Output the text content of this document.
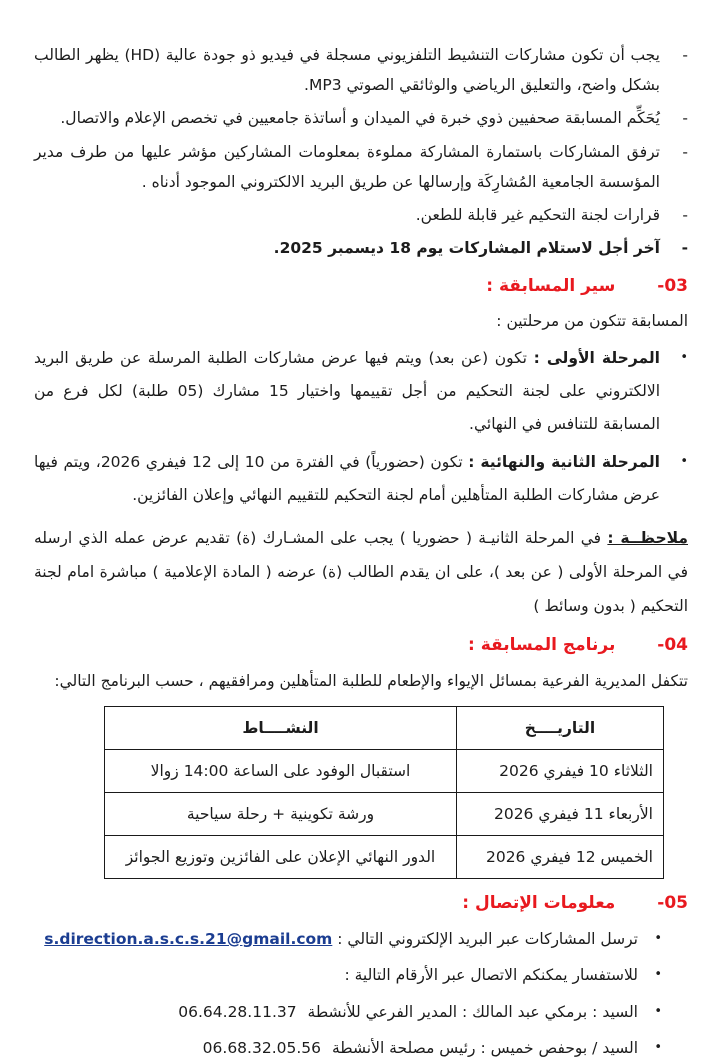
-

يجب أن تكون مشاركات التنشيط التلفزيوني مسجلة في فيديو ذو جودة عالية (HD) يظهر الطالب بشكل واضح، والتعليق الرياضي والوثائقي الصوتي MP3.

-

يُحَكِّم المسابقة صحفيين ذوي خبرة في الميدان و أساتذة جامعيين في تخصص الإعلام والاتصال.

-

ترفق المشاركات باستمارة المشاركة مملوءة بمعلومات المشاركين مؤشر عليها من طرف مدير المؤسسة الجامعية المُشارِكَة وإرسالها عن طريق البريد الالكتروني الموجود أدناه .

-

قرارات لجنة التحكيم غير قابلة للطعن.

-

آخر أجل لاستلام المشاركات يوم 18 ديسمبر 2025.

03- سير المسابقة :

المسابقة تتكون من مرحلتين :

•

المرحلة الأولى : تكون (عن بعد) ويتم فيها عرض مشاركات الطلبة المرسلة عن طريق البريد الالكتروني على لجنة التحكيم من أجل تقييمها واختيار 15 مشارك (05 طلبة) لكل فرع من المسابقة للتنافس في النهائي.

•

المرحلة الثانية والنهائية : تكون (حضورياً) في الفترة من 10 إلى 12 فيفري 2026، ويتم فيها عرض مشاركات الطلبة المتأهلين أمام لجنة التحكيم للتقييم النهائي وإعلان الفائزين.

ملاحظــة : في المرحلة الثانيـة ( حضوريا ) يجب على المشـارك (ة) تقديم عرض عمله الذي ارسله في المرحلة الأولى ( عن بعد )، على ان يقدم الطالب (ة) عرضه ( المادة الإعلامية ) مباشرة امام لجنة التحكيم ( بدون وسائط )

04- برنامج المسابقة :

تتكفل المديرية الفرعية بمسائل الإيواء والإطعام للطلبة المتأهلين ومرافقيهم ، حسب البرنامج التالي:

التاريــــخ	النشــــاط
الثلاثاء 10 فيفري 2026	استقبال الوفود على الساعة 14:00 زوالا
الأربعاء 11 فيفري 2026	ورشة تكوينية + رحلة سياحية
الخميس 12 فيفري 2026	الدور النهائي الإعلان على الفائزين وتوزيع الجوائز
05- معلومات الإتصال :
•

ترسل المشاركات عبر البريد الإلكتروني التالي : s.direction.a.s.c.s.21@gmail.com

•

للاستفسار يمكنكم الاتصال عبر الأرقام التالية :

•

السيد : برمكي عبد المالك : المدير الفرعي للأنشطة 06.64.28.11.37

•

السيد / بوحفص خميس : رئيس مصلحة الأنشطة 06.68.32.05.56
